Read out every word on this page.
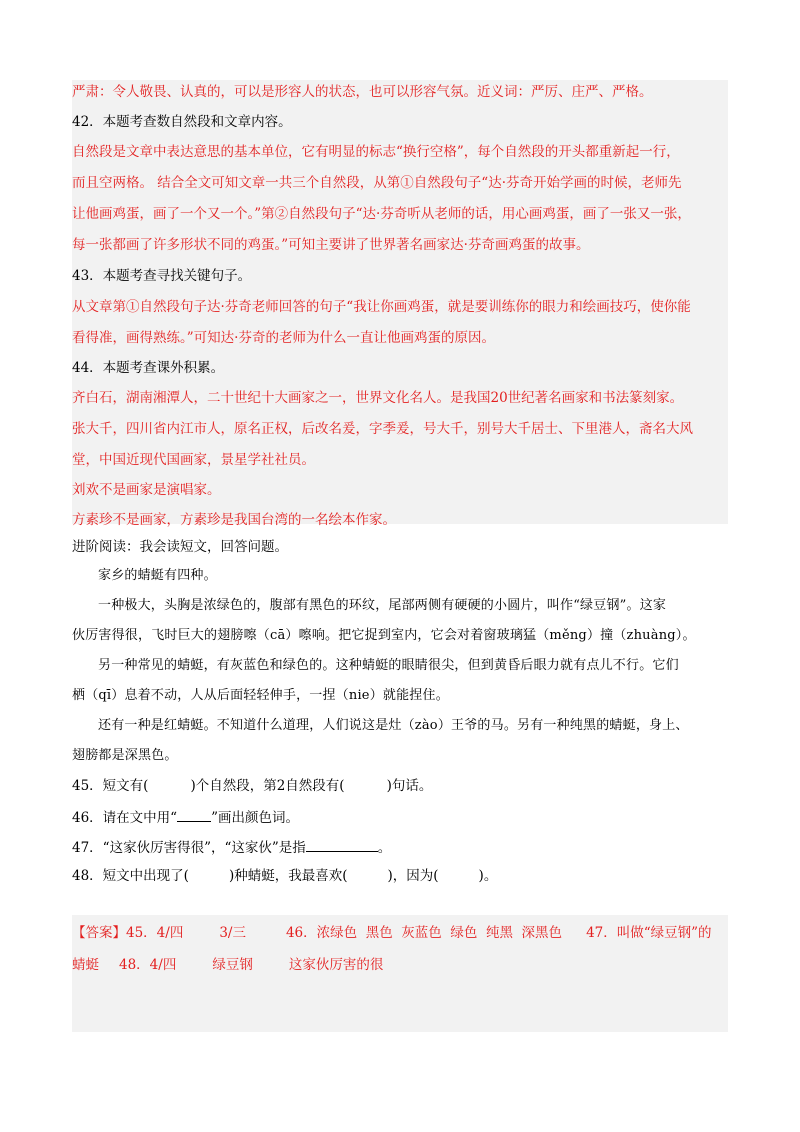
严肃：令人敬畏、认真的，可以是形容人的状态，也可以形容气氛。近义词：严厉、庄严、严格。
42．本题考查数自然段和文章内容。
自然段是文章中表达意思的基本单位，它有明显的标志“换行空格”，每个自然段的开头都重新起一行，
而且空两格。 结合全文可知文章一共三个自然段，从第①自然段句子“达·芬奇开始学画的时候，老师先
让他画鸡蛋，画了一个又一个。”第②自然段句子“达·芬奇听从老师的话，用心画鸡蛋，画了一张又一张，
每一张都画了许多形状不同的鸡蛋。”可知主要讲了世界著名画家达·芬奇画鸡蛋的故事。
43．本题考查寻找关键句子。
从文章第①自然段句子达·芬奇老师回答的句子“我让你画鸡蛋，就是要训练你的眼力和绘画技巧，使你能
看得准，画得熟练。”可知达·芬奇的老师为什么一直让他画鸡蛋的原因。
44．本题考查课外积累。
齐白石，湖南湘潭人，二十世纪十大画家之一，世界文化名人。是我国20世纪著名画家和书法篆刻家。
张大千，四川省内江市人，原名正权，后改名爰，字季爰，号大千，别号大千居士、下里港人，斋名大风
堂，中国近现代国画家，景星学社社员。
刘欢不是画家是演唱家。
方素珍不是画家，方素珍是我国台湾的一名绘本作家。
进阶阅读：我会读短文，回答问题。
家乡的蜻蜓有四种。
一种极大，头胸是浓绿色的，腹部有黑色的环纹，尾部两侧有硬硬的小圆片，叫作“绿豆钢”。这家
伙厉害得很，飞时巨大的翅膀嚓（cā）嚓响。把它捉到室内，它会对着窗玻璃猛（měng）撞（zhuàng）。
另一种常见的蜻蜓，有灰蓝色和绿色的。这种蜻蜓的眼睛很尖，但到黄昏后眼力就有点儿不行。它们
栖（qī）息着不动，人从后面轻轻伸手，一捏（nie）就能捏住。
还有一种是红蜻蜓。不知道什么道理，人们说这是灶（zào）王爷的马。另有一种纯黑的蜻蜓，身上、
翅膀都是深黑色。
45．短文有(	)个自然段，第2自然段有(	)句话。
46．请在文中用“	”画出颜色词。
47．“这家伙厉害得很”，“这家伙”是指	。
48．短文中出现了(	)种蜻蜓，我最喜欢(	)，因为(	)。
【答案】45．4/四	3/三	46．浓绿色  黑色  灰蓝色  绿色  纯黑  深黑色 47．叫做“绿豆钢”的
蜻蜓 48．4/四	绿豆钢	这家伙厉害的很
